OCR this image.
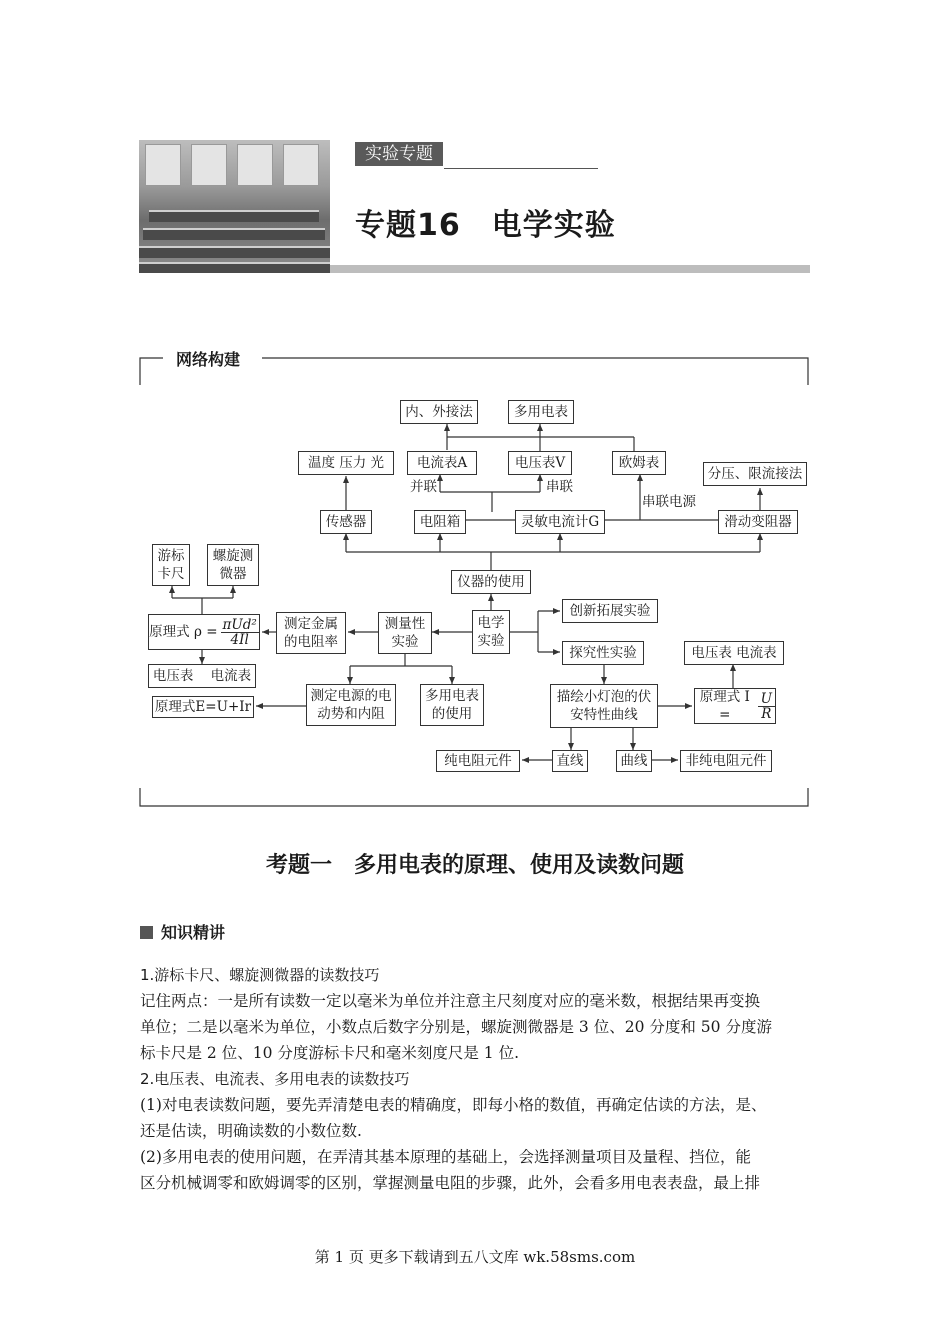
实验专题
专题16　电学实验
网络构建
内、外接法	多用电表
温度 压力 光	电流表A	电压表V	欧姆表
分压、限流接法
传感器	电阻箱	灵敏电流计G	滑动变阻器
游标
卡尺
螺旋测
微器	仪器的使用
原理式 ρ = πUd²
4Il
测定金属
的电阻率
测量性
实验
电学
实验
创新拓展实验
探究性实验	电压表 电流表
电压表    电流表
原理式E=U+Ir
测定电源的电
动势和内阻
多用电表
的使用
描绘小灯泡的伏
安特性曲线
原理式 I =	$\frac{U}{R}$
纯电阻元件	直线	曲线	非纯电阻元件
并联	串联
串联电源
考题一　多用电表的原理、使用及读数问题
知识精讲
1.游标卡尺、螺旋测微器的读数技巧
记住两点：一是所有读数一定以毫米为单位并注意主尺刻度对应的毫米数，根据结果再变换
单位；二是以毫米为单位，小数点后数字分别是，螺旋测微器是 3 位、20 分度和 50 分度游
标卡尺是 2 位、10 分度游标卡尺和毫米刻度尺是 1 位.
2.电压表、电流表、多用电表的读数技巧
(1)对电表读数问题，要先弄清楚电表的精确度，即每小格的数值，再确定估读的方法，是、
还是估读，明确读数的小数位数.
(2)多用电表的使用问题，在弄清其基本原理的基础上，会选择测量项目及量程、挡位，能
区分机械调零和欧姆调零的区别，掌握测量电阻的步骤，此外，会看多用电表表盘，最上排
第 1 页 更多下载请到五八文库 wk.58sms.com
